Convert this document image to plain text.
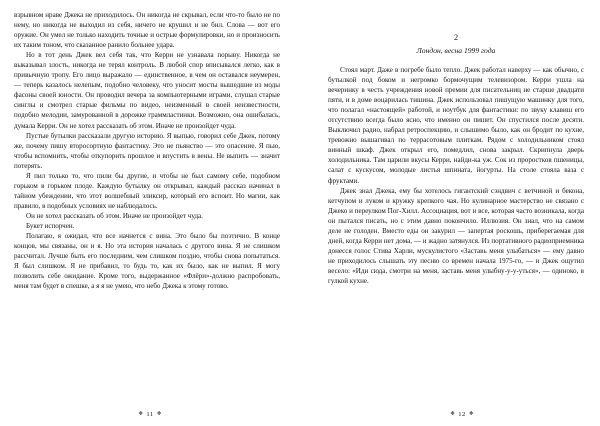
взрывном нраве Джека не приходилось. Он никогда не скрывал, если что-то было не по нему, но никогда не выходил из себя, ничего не крушил и не бил. Слова — вот его оружие. Он умел не только находить точные и острые формулировки, но и произносить их таким тоном, что сказанное ранило больнее удара.

Но в тот день Джек вел себя так, что Керри не узнавала порывy. Никогда не выказывал злость, никогда не терял контроль. В любой спор вписывался легко, как в привычную тропу. Его лицо выражало — единственное, в чем он оставался неумерен, — теперь казалось нелепым, подобно человеку, что уносит мосты вышедшие из моды фасоны своей юности. Он проводил вечера за компьютерными играми, слушал старые синглы и смотрел старые фильмы по видео, неизменный в своей неизвестности, подобно мелодии, замурованной в дорожке граммластинки. Возможно, она ошибалась, думала Керри. Он не хотел рассказать об этом. Иначе не произойдет чуда.

Пустые бутылки рассказали другую историю. Я выпью, говорил себе Джек, потому же, почему пишу второсортную фантастику. Это не пьянство — это опасение. Я пью, чтобы вспомнить, чтобы откупорить прошлое и впустить в вены. Не выпить — значит потерять.

Я пил только то, что пили бы другие, и чтобы не был самому себе, подобном горьком в горьком плоде. Каждую бутылку он открывал, каждый рассказ начинал в тайном убеждении, что этот волшебный эликсир, который его вспоит. Но магии, как правило, в подобных условиях не наблюдалось.

Он не хотел рассказать об этом. Иначе не произойдет чуда.

Букет испорчен.

Полагаю, я ожидал, что все начнется с вина. Это было бы поэтично. В конце концов, мы связаны, он и я. Но эта история началась с другого вина. Я не слишком рассчитал. Лучше быть его последним, чем слишком поздно, чтобы снова попытаться. Я был слишком. Я не прибавил, то будь то, как их было, как не выпил. Я могу позволить себе ожидание. Кроме того, выдержанное «Флёри»-должно распробовать, меня там будет в спешке, а я я не умею, что небо Джека к этому готово.

❖ 11 ❖
2
Лондон, весна 1999 года

Стоял март. Даже в погребе было тепло. Джек работал наверху — как обычно, с бутылкой под боком и негромко бормочущим телевизором. Керри ушла на вечеринку в честь учреждения новой премии для писательниц не старше двадцати пяти, и в доме воцарилась тишина. Джек использовал пишущую машинку для того, что полагал «настоящей» работой, и ноутбук для фантастики: по звуку клавиш его отсутствию всегда было ясно, что именно он пишет. Он спустился после десяти. Выключил радио, набрал ретроспекцию, и слышимо было, как он бродит по кухне, тревожно вышагивал по террасотовым плиткам. Рядом с холодильником стоял винный шкаф. Джек открыл его, помедлил, снова закрыл. Скрипнула дверь холодильника. Там царили вкусы Керри, найди-ка уж. Сок из проростков пшеницы, салат с кускусом, молодые листья шпината, йогурты. На столе стояла ваза с фруктами.

Джек знал Джека, ему бы хотелось гигантский сэндвич с ветчиной и бекона, кетчупом и луком и кружку крепкого чая. Но кулинарное мастерство не связано с Джеко и переулком Пог-Хилл. Ассоциация, вот и все, которая часто возникала, когда он пытался писать, но с этим давно покончило. Иллюзия. Он знал, что на самом деле не голоден. Вместо еды он закурил — запертая роскошь, приберегаемая для дней, когда Керри нет дома, — и жадно затянулся. Из портативного радиоприемника донесся голос Стива Харли, мускулистого «Заставь меня улыбаться» — ему давно не приходилось слышать эту песню со времен начала 1975-го, — и Джек ощутил весело: «Иди сюда, смотри на меня, заставь меня улыбну-у-у-уться», — одиноко, в гулкой кухне.

❖ 12 ❖
